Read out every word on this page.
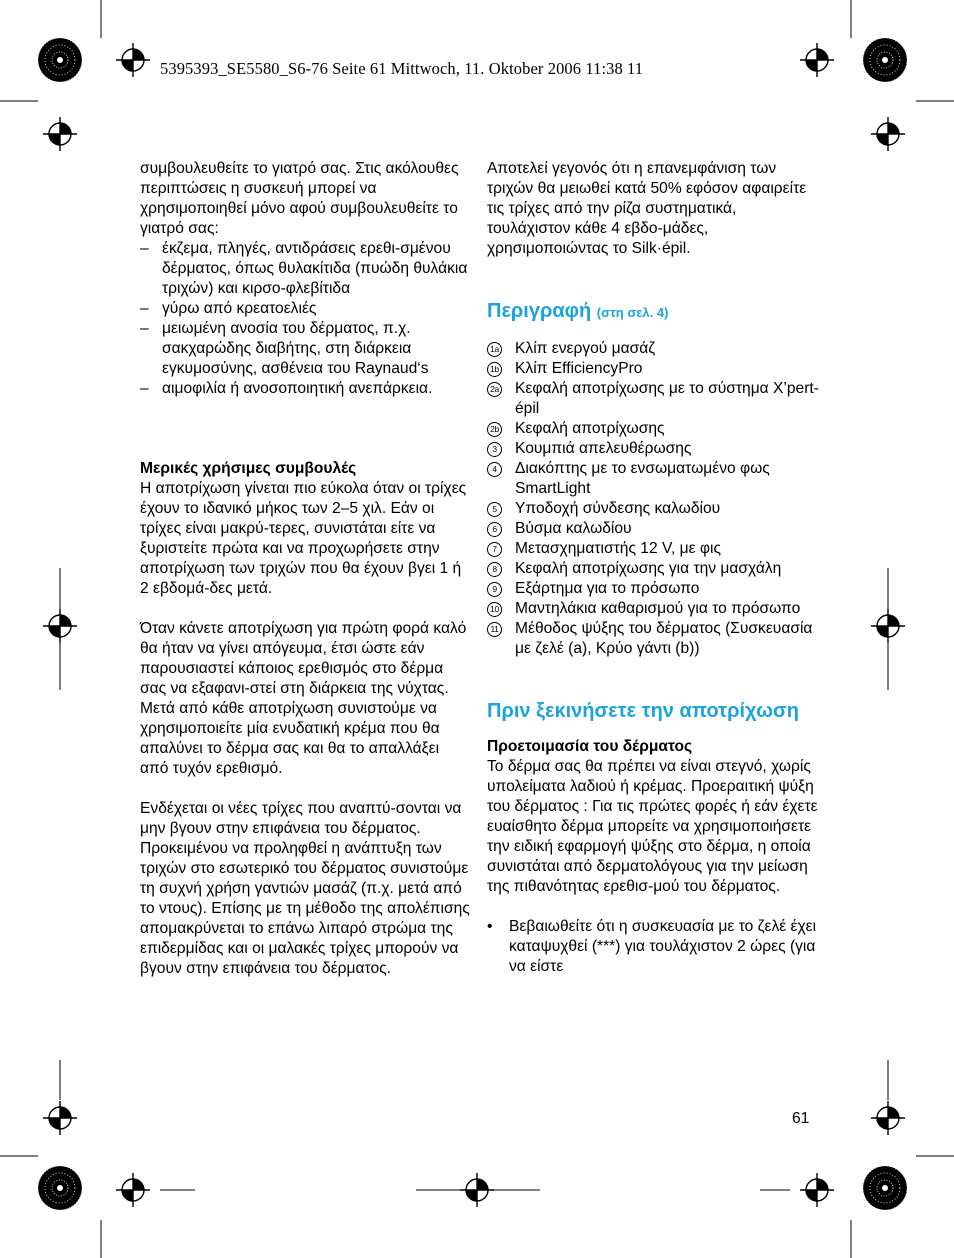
5395393_SE5580_S6-76 Seite 61 Mittwoch, 11. Oktober 2006 11:38 11

συμβουλευθείτε το γιατρό σας. Στις ακόλουθες περιπτώσεις η συσκευή μπορεί να χρησιμοποιηθεί μόνο αφού συμβουλευθείτε το γιατρό σας:

– έκζεμα, πληγές, αντιδράσεις ερεθι-σμένου δέρματος, όπως θυλακίτιδα (πυώδη θυλάκια τριχών) και κιρσο-φλεβίτιδα
– γύρω από κρεατοελιές
– μειωμένη ανοσία του δέρματος, π.χ. σακχαρώδης διαβήτης, στη διάρκεια εγκυμοσύνης, ασθένεια του Raynaud‘s
– αιμοφιλία ή ανοσοποιητική ανεπάρκεια.

Μερικές χρήσιμες συμβουλές

Η αποτρίχωση γίνεται πιο εύκολα όταν οι τρίχες έχουν το ιδανικό μήκος των 2–5 χιλ. Εάν οι τρίχες είναι μακρύ-τερες, συνιστάται είτε να ξυριστείτε πρώτα και να προχωρήσετε στην αποτρίχωση των τριχών που θα έχουν βγει 1 ή 2 εβδομά-δες μετά.

Όταν κάνετε αποτρίχωση για πρώτη φορά καλό θα ήταν να γίνει απόγευμα, έτσι ώστε εάν παρουσιαστεί κάποιος ερεθισμός στο δέρμα σας να εξαφανι-στεί στη διάρκεια της νύχτας. Μετά από κάθε αποτρίχωση συνιστούμε να χρησιμοποιείτε μία ενυδατική κρέμα που θα απαλύνει το δέρμα σας και θα το απαλλάξει από τυχόν ερεθισμό.

Ενδέχεται οι νέες τρίχες που αναπτύ-σονται να μην βγουν στην επιφάνεια του δέρματος. Προκειμένου να προληφθεί η ανάπτυξη των τριχών στο εσωτερικό του δέρματος συνιστούμε τη συχνή χρήση γαντιών μασάζ (π.χ. μετά από το ντους). Επίσης με τη μέθοδο της απολέπισης απομακρύνεται το επάνω λιπαρό στρώμα της επιδερμίδας και οι μαλακές τρίχες μπορούν να βγουν στην επιφάνεια του δέρματος.

Αποτελεί γεγονός ότι η επανεμφάνιση των τριχών θα μειωθεί κατά 50% εφόσον αφαιρείτε τις τρίχες από την ρίζα συστηματικά, τουλάχιστον κάθε 4 εβδο-μάδες, χρησιμοποιώντας το Silk·épil.

Περιγραφή (στη σελ. 4)

1a Κλίπ ενεργού μασάζ
1b Κλίπ EfficiencyPro
2a Κεφαλή αποτρίχωσης με το σύστημα X’pert-épil
2b Κεφαλή αποτρίχωσης
3	Κουμπιά απελευθέρωσης
4	Διακόπτης με το ενσωματωμένο φως SmartLight
5	Υποδοχή σύνδεσης καλωδίου
6	Βύσμα καλωδίου
7	Μετασχηματιστής 12 V, με φις
8	Κεφαλή αποτρίχωσης για την μασχάλη
9	Εξάρτημα για το πρόσωπο
10 Μαντηλάκια καθαρισμού για το πρόσωπο
11 Μέθοδος ψύξης του δέρματος (Συσκευασία με ζελέ (a), Κρύο γάντι (b))

Πριν ξεκινήσετε την αποτρίχωση

Προετοιμασία του δέρματος

Το δέρμα σας θα πρέπει να είναι στεγνό, χωρίς υπολείματα λαδιού ή κρέμας. Προεραιτική ψύξη του δέρματος : Για τις πρώτες φορές ή εάν έχετε ευαίσθητο δέρμα μπορείτε να χρησιμοποιήσετε την ειδική εφαρμογή ψύξης στο δέρμα, η οποία συνιστάται από δερματολόγους για την μείωση της πιθανότητας ερεθισ-μού του δέρματος.

• Βεβαιωθείτε ότι η συσκευασία με το ζελέ έχει καταψυχθεί (***) για τουλάχιστον 2 ώρες (για να είστε
61
